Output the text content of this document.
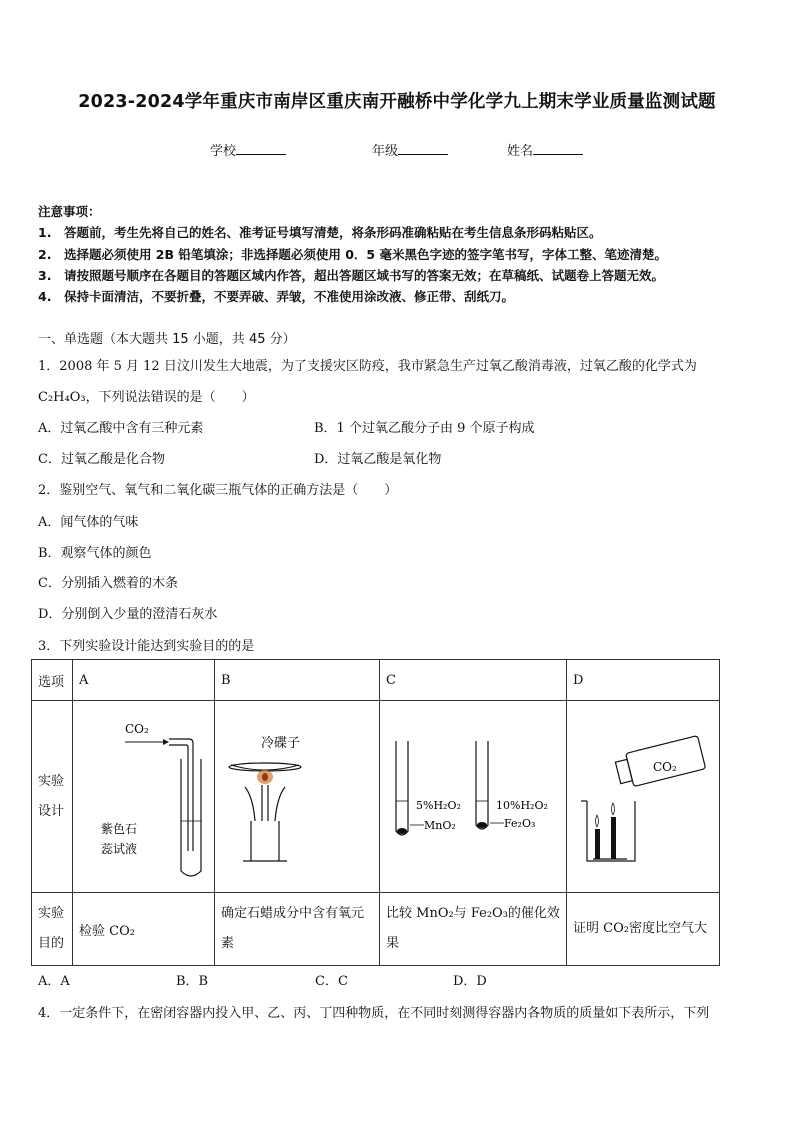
2023-2024学年重庆市南岸区重庆南开融桥中学化学九上期末学业质量监测试题
学校	年级	姓名
注意事项：
1.　答题前，考生先将自己的姓名、准考证号填写清楚，将条形码准确粘贴在考生信息条形码粘贴区。
2.　选择题必须使用 2B 铅笔填涂；非选择题必须使用 0．5 毫米黑色字迹的签字笔书写，字体工整、笔迹清楚。
3.　请按照题号顺序在各题目的答题区域内作答，超出答题区域书写的答案无效；在草稿纸、试题卷上答题无效。
4.　保持卡面清洁，不要折叠，不要弄破、弄皱，不准使用涂改液、修正带、刮纸刀。
一、单选题（本大题共 15 小题，共 45 分）
1．2008 年 5 月 12 日汶川发生大地震，为了支援灾区防疫，我市紧急生产过氧乙酸消毒液，过氧乙酸的化学式为
C₂H₄O₃，下列说法错误的是（　　）
A．过氧乙酸中含有三种元素	B．1 个过氧乙酸分子由 9 个原子构成
C．过氧乙酸是化合物	D．过氧乙酸是氧化物
2．鉴别空气、氧气和二氧化碳三瓶气体的正确方法是（　　）
A．闻气体的气味
B．观察气体的颜色
C．分别插入燃着的木条
D．分别倒入少量的澄清石灰水
3．下列实验设计能达到实验目的的是
选项	A	B	C	D
实验设计	CO₂
紫色石
蕊试液	冷碟子	5%H₂O₂
MnO₂
10%H₂O₂
Fe₂O₃	CO₂

实验目的	检验 CO₂	确定石蜡成分中含有氧元素	比较 MnO₂与 Fe₂O₃的催化效果	证明 CO₂密度比空气大
A．A	B．B	C．C	D．D
4．一定条件下，在密闭容器内投入甲、乙、丙、丁四种物质，在不同时刻测得容器内各物质的质量如下表所示，下列
